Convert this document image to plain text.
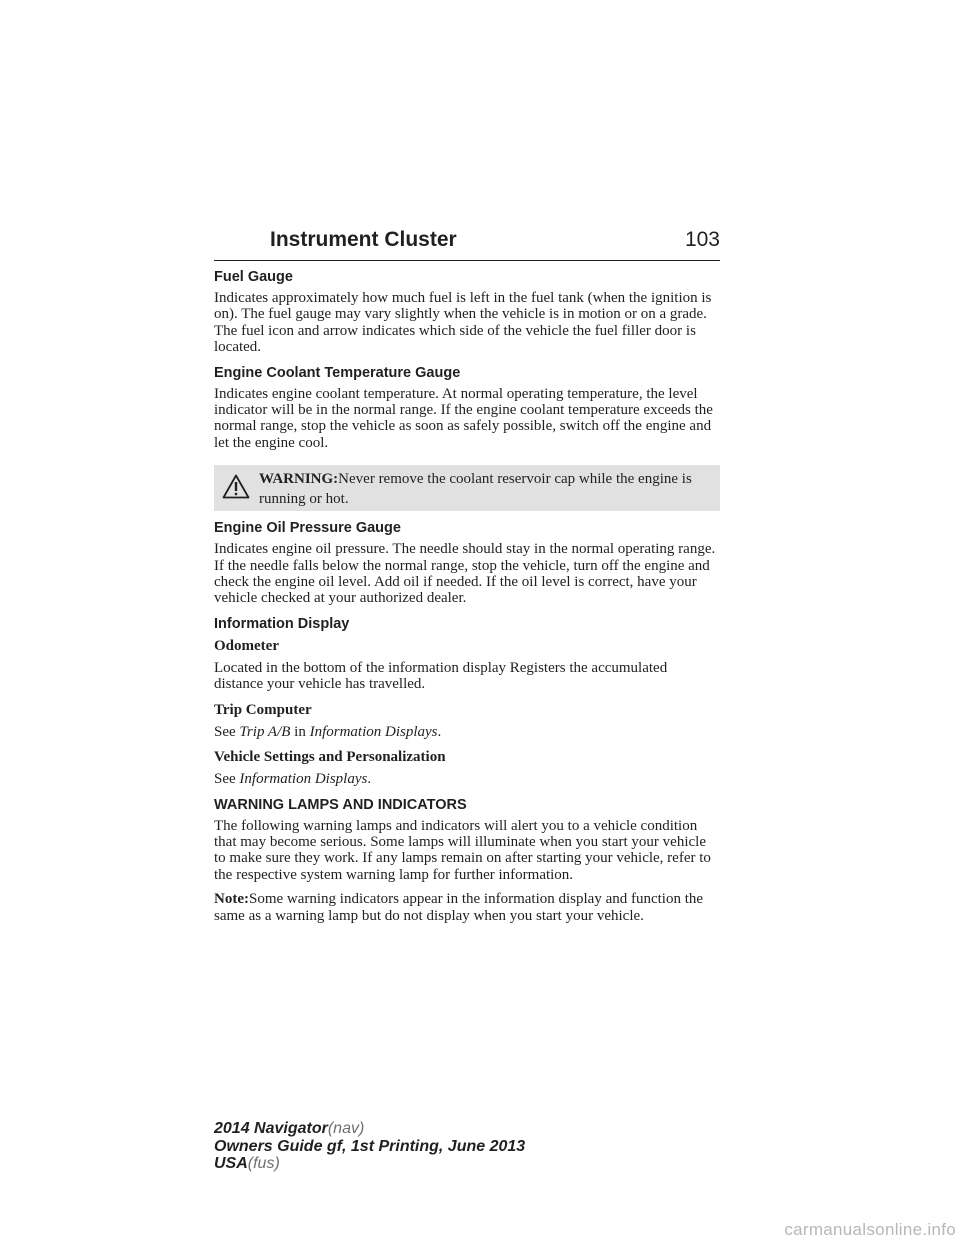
Instrument Cluster	103
Fuel Gauge

Indicates approximately how much fuel is left in the fuel tank (when the ignition is on). The fuel gauge may vary slightly when the vehicle is in motion or on a grade. The fuel icon and arrow indicates which side of the vehicle the fuel filler door is located.

Engine Coolant Temperature Gauge

Indicates engine coolant temperature. At normal operating temperature, the level indicator will be in the normal range. If the engine coolant temperature exceeds the normal range, stop the vehicle as soon as safely possible, switch off the engine and let the engine cool.

WARNING:Never remove the coolant reservoir cap while the engine is running or hot.
Engine Oil Pressure Gauge

Indicates engine oil pressure. The needle should stay in the normal operating range. If the needle falls below the normal range, stop the vehicle, turn off the engine and check the engine oil level. Add oil if needed. If the oil level is correct, have your vehicle checked at your authorized dealer.

Information Display
Odometer

Located in the bottom of the information display Registers the accumulated distance your vehicle has travelled.

Trip Computer

See Trip A/B in Information Displays.

Vehicle Settings and Personalization

See Information Displays.

WARNING LAMPS AND INDICATORS

The following warning lamps and indicators will alert you to a vehicle condition that may become serious. Some lamps will illuminate when you start your vehicle to make sure they work. If any lamps remain on after starting your vehicle, refer to the respective system warning lamp for further information.

Note:Some warning indicators appear in the information display and function the same as a warning lamp but do not display when you start your vehicle.

2014 Navigator(nav)
Owners Guide gf, 1st Printing, June 2013
USA(fus)
carmanualsonline.info
